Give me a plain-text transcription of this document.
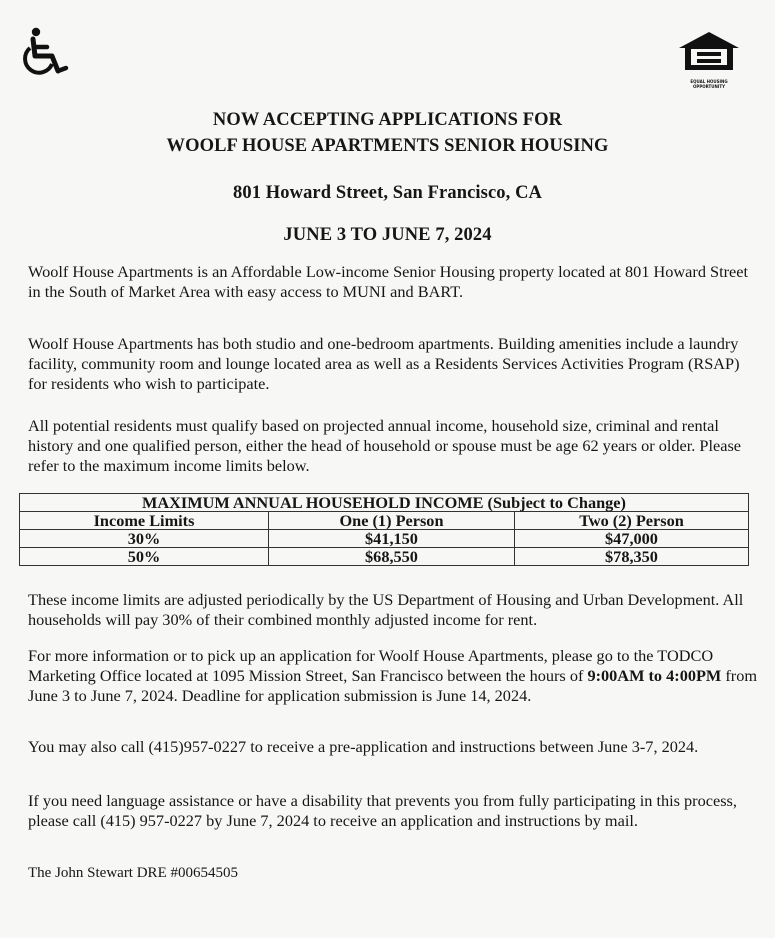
EQUAL HOUSING OPPORTUNITY
NOW ACCEPTING APPLICATIONS FOR
WOOLF HOUSE APARTMENTS SENIOR HOUSING
801 Howard Street, San Francisco, CA
JUNE 3 TO JUNE 7, 2024

Woolf House Apartments is an Affordable Low-income Senior Housing property located at 801 Howard Street in the South of Market Area with easy access to MUNI and BART.

Woolf House Apartments has both studio and one-bedroom apartments. Building amenities include a laundry facility, community room and lounge located area as well as a Residents Services Activities Program (RSAP) for residents who wish to participate.

All potential residents must qualify based on projected annual income, household size, criminal and rental history and one qualified person, either the head of household or spouse must be age 62 years or older. Please refer to the maximum income limits below.

MAXIMUM ANNUAL HOUSEHOLD INCOME (Subject to Change)		
Income Limits	One (1) Person	Two (2) Person
30%	$41,150	$47,000
50%	$68,550	$78,350

These income limits are adjusted periodically by the US Department of Housing and Urban Development. All households will pay 30% of their combined monthly adjusted income for rent.

For more information or to pick up an application for Woolf House Apartments, please go to the TODCO Marketing Office located at 1095 Mission Street, San Francisco between the hours of 9:00AM to 4:00PM from June 3 to June 7, 2024. Deadline for application submission is June 14, 2024.

You may also call (415)957-0227 to receive a pre-application and instructions between June 3-7, 2024.

If you need language assistance or have a disability that prevents you from fully participating in this process, please call (415) 957-0227 by June 7, 2024 to receive an application and instructions by mail.

The John Stewart DRE #00654505
